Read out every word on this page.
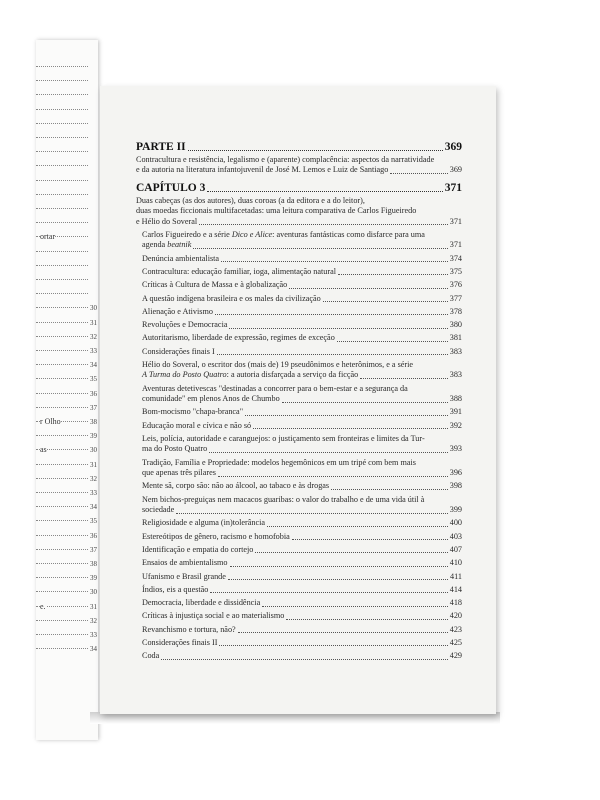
ortar
30
31
32
33
34
35
36
37
r Olho	38
39
as	30
31
32
33
34
35
36
37
38
39
30
e.	31
32
33
34
PARTE II	369
Contracultura e resistência, legalismo e (aparente) complacência: aspectos da narratividade
e da autoria na literatura infantojuvenil de José M. Lemos e Luiz de Santiago	369
CAPÍTULO 3	371
Duas cabeças (as dos autores), duas coroas (a da editora e a do leitor),
duas moedas ficcionais multifacetadas: uma leitura comparativa de Carlos Figueiredo
e Hélio do Soveral	371
Carlos Figueiredo e a série Dico e Alice: aventuras fantásticas como disfarce para uma
agenda beatnik	371
Denúncia ambientalista	374
Contracultura: educação familiar, ioga, alimentação natural	375
Críticas à Cultura de Massa e à globalização	376
A questão indígena brasileira e os males da civilização	377
Alienação e Ativismo	378
Revoluções e Democracia	380
Autoritarismo, liberdade de expressão, regimes de exceção	381
Considerações finais I	383
Hélio do Soveral, o escritor dos (mais de) 19 pseudônimos e heterônimos, e a série
A Turma do Posto Quatro: a autoria disfarçada a serviço da ficção	383
Aventuras detetivescas "destinadas a concorrer para o bem-estar e a segurança da
comunidade" em plenos Anos de Chumbo	388
Bom-mocismo "chapa-branca"	391
Educação moral e cívica e não só	392
Leis, polícia, autoridade e caranguejos: o justiçamento sem fronteiras e limites da Tur-
ma do Posto Quatro	393
Tradição, Família e Propriedade: modelos hegemônicos em um tripé com bem mais
que apenas três pilares	396
Mente sã, corpo são: não ao álcool, ao tabaco e às drogas	398
Nem bichos-preguiças nem macacos guaribas: o valor do trabalho e de uma vida útil à
sociedade	399
Religiosidade e alguma (in)tolerância	400
Estereótipos de gênero, racismo e homofobia	403
Identificação e empatia do cortejo	407
Ensaios de ambientalismo	410
Ufanismo e Brasil grande	411
Índios, eis a questão	414
Democracia, liberdade e dissidência	418
Críticas à injustiça social e ao materialismo	420
Revanchismo e tortura, não?	423
Considerações finais II	425
Coda	429
